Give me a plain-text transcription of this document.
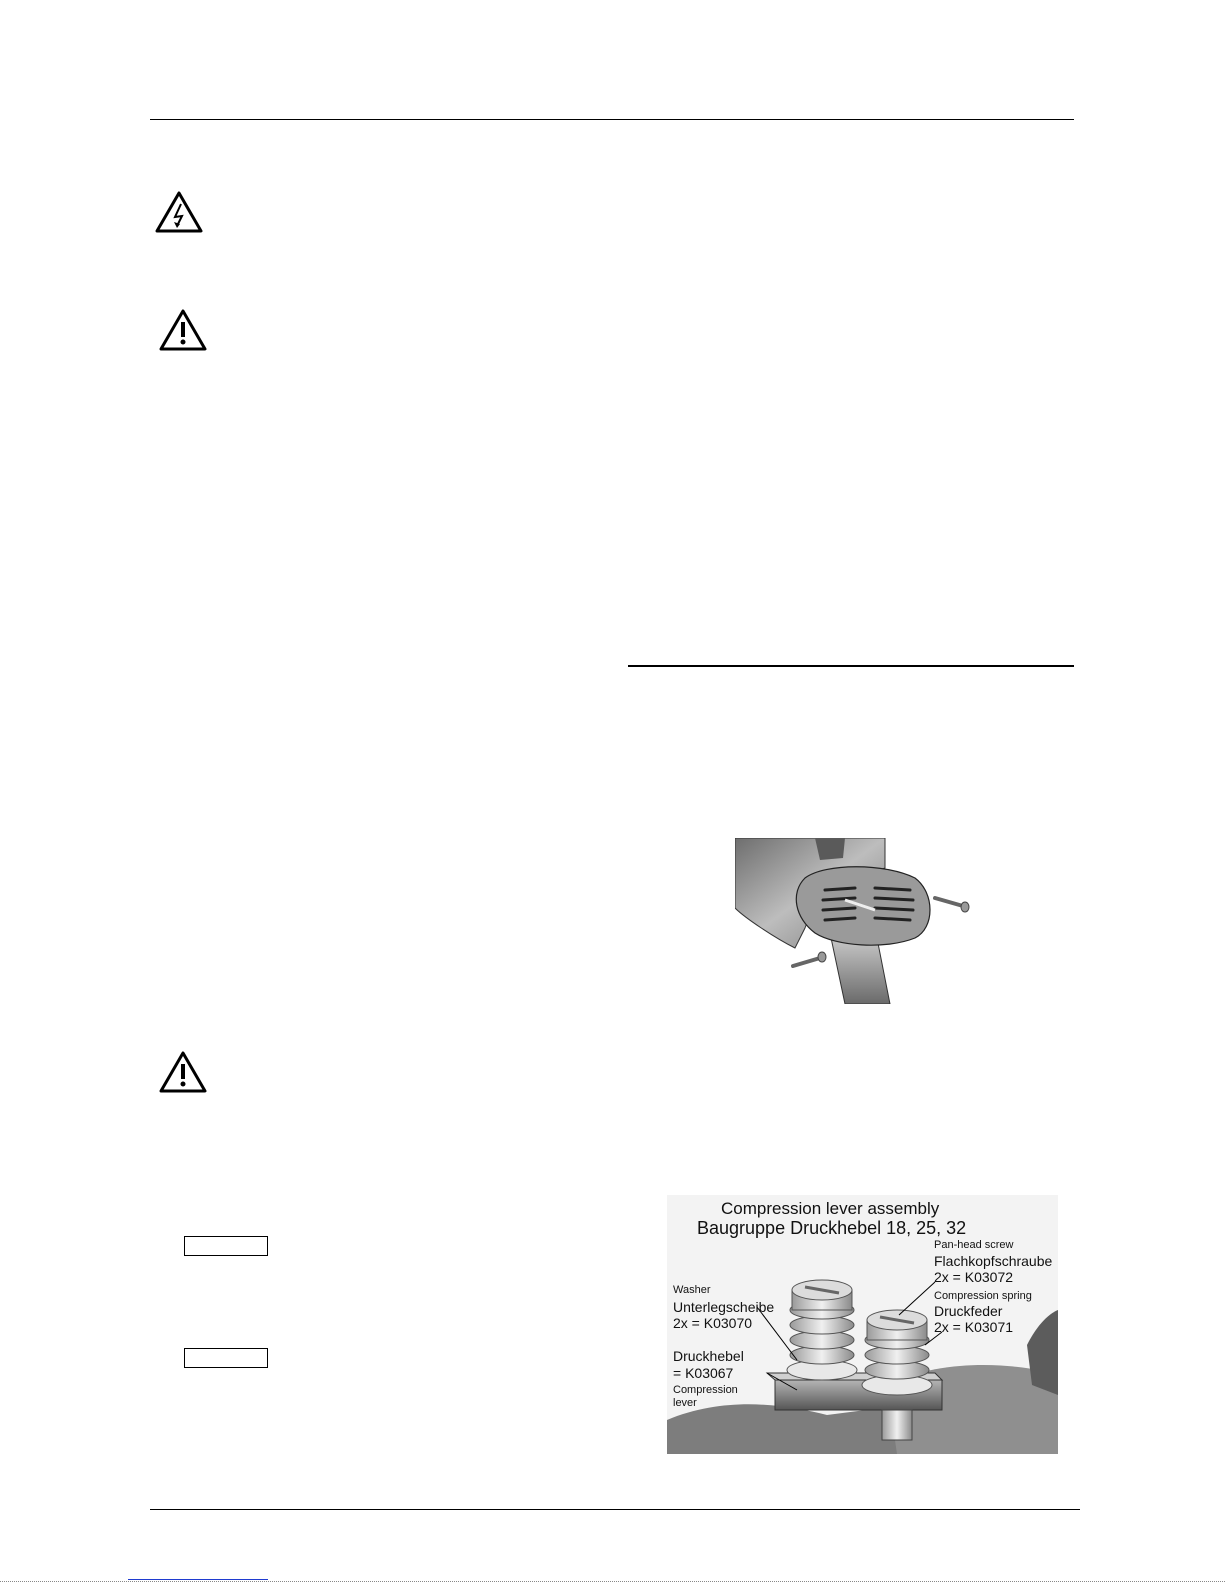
Compression lever assembly
Baugruppe Druckhebel 18, 25, 32
Pan-head screw
Flachkopfschraube
2x = K03072
Compression spring
Druckfeder
2x = K03071
Washer
Unterlegscheibe
2x = K03070
Druckhebel
= K03067
Compression
lever
